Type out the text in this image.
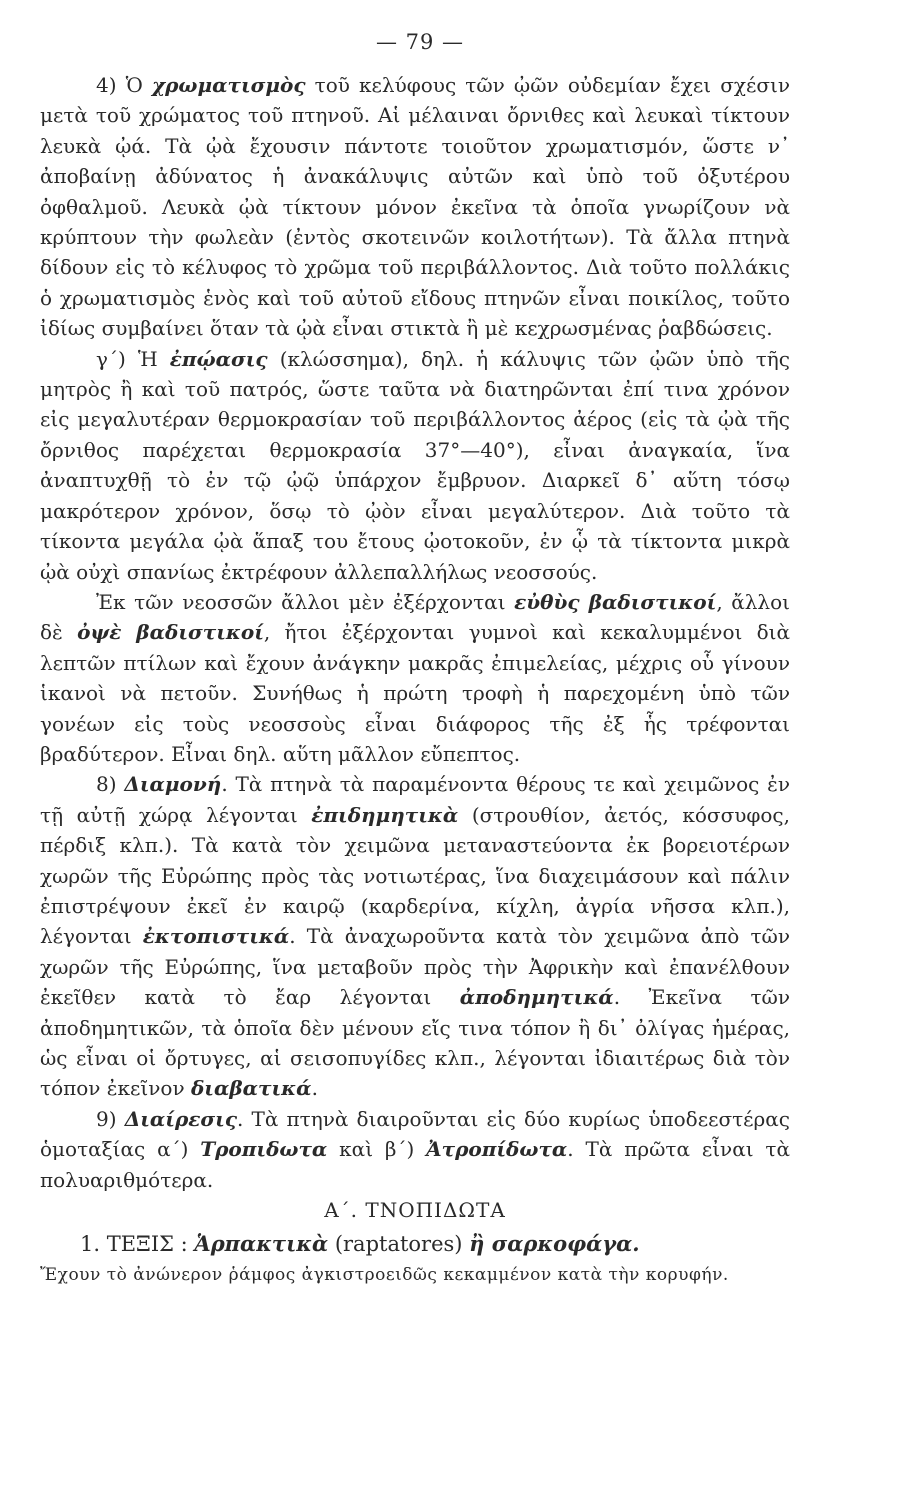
— 79 —

4) Ὁ χρωματισμὸς τοῦ κελύφους τῶν ᾠῶν οὐδεμίαν ἔχει σχέσιν μετὰ τοῦ χρώματος τοῦ πτηνοῦ. Αἱ μέλαιναι ὄρνιθες καὶ λευκαὶ τίκτουν λευκὰ ᾠά. Τὰ ᾠὰ ἔχουσιν πάντοτε τοιοῦτον χρωματισμόν, ὥστε ν᾽ ἀποβαίνῃ ἀδύνατος ἡ ἀνακάλυψις αὐτῶν καὶ ὑπὸ τοῦ ὀξυτέρου ὀφθαλμοῦ. Λευκὰ ᾠὰ τίκτουν μόνον ἐκεῖνα τὰ ὁποῖα γνωρίζουν νὰ κρύπτουν τὴν φωλεὰν (ἐντὸς σκοτεινῶν κοιλοτήτων). Τὰ ἄλλα πτηνὰ δίδουν εἰς τὸ κέλυφος τὸ χρῶμα τοῦ περιβάλλοντος. Διὰ τοῦτο πολλάκις ὁ χρωματισμὸς ἑνὸς καὶ τοῦ αὐτοῦ εἴδους πτηνῶν εἶναι ποικίλος, τοῦτο ἰδίως συμβαίνει ὅταν τὰ ᾠὰ εἶναι στικτὰ ἢ μὲ κεχρωσμένας ῥαβδώσεις.

γ΄) Ἡ ἐπῴασις (κλώσσημα), δηλ. ἡ κάλυψις τῶν ᾠῶν ὑπὸ τῆς μητρὸς ἢ καὶ τοῦ πατρός, ὥστε ταῦτα νὰ διατηρῶνται ἐπί τινα χρόνον εἰς μεγαλυτέραν θερμοκρασίαν τοῦ περιβάλλοντος ἀέρος (εἰς τὰ ᾠὰ τῆς ὄρνιθος παρέχεται θερμοκρασία 37°—40°), εἶναι ἀναγκαία, ἵνα ἀναπτυχθῇ τὸ ἐν τῷ ᾠῷ ὑπάρχον ἔμβρυον. Διαρκεῖ δ᾽ αὕτη τόσῳ μακρότερον χρόνον, ὅσῳ τὸ ᾠὸν εἶναι μεγαλύτερον. Διὰ τοῦτο τὰ τίκοντα μεγάλα ᾠὰ ἅπαξ του ἔτους ᾠοτοκοῦν, ἐν ᾧ τὰ τίκτοντα μικρὰ ᾠὰ οὐχὶ σπανίως ἐκτρέφουν ἀλλεπαλλήλως νεοσσούς.

Ἐκ τῶν νεοσσῶν ἄλλοι μὲν ἐξέρχονται εὐθὺς βαδιστικοί, ἄλλοι δὲ ὀψὲ βαδιστικοί, ἤτοι ἐξέρχονται γυμνοὶ καὶ κεκαλυμμένοι διὰ λεπτῶν πτίλων καὶ ἔχουν ἀνάγκην μακρᾶς ἐπιμελείας, μέχρις οὗ γίνουν ἱκανοὶ νὰ πετοῦν. Συνήθως ἡ πρώτη τροφὴ ἡ παρεχομένη ὑπὸ τῶν γονέων εἰς τοὺς νεοσσοὺς εἶναι διάφορος τῆς ἐξ ἧς τρέφονται βραδύτερον. Εἶναι δηλ. αὕτη μᾶλλον εὔπεπτος.

8) Διαμονή. Τὰ πτηνὰ τὰ παραμένοντα θέρους τε καὶ χειμῶνος ἐν τῇ αὐτῇ χώρᾳ λέγονται ἐπιδημητικὰ (στρουθίον, ἀετός, κόσσυφος, πέρδιξ κλπ.). Τὰ κατὰ τὸν χειμῶνα μεταναστεύοντα ἐκ βορειοτέρων χωρῶν τῆς Εὐρώπης πρὸς τὰς νοτιωτέρας, ἵνα διαχειμάσουν καὶ πάλιν ἐπιστρέψουν ἐκεῖ ἐν καιρῷ (καρδερίνα, κίχλη, ἀγρία νῆσσα κλπ.), λέγονται ἐκτοπιστικά. Τὰ ἀναχωροῦντα κατὰ τὸν χειμῶνα ἀπὸ τῶν χωρῶν τῆς Εὐρώπης, ἵνα μεταβοῦν πρὸς τὴν Ἀφρικὴν καὶ ἐπανέλθουν ἐκεῖθεν κατὰ τὸ ἔαρ λέγονται ἀποδημητικά. Ἐκεῖνα τῶν ἀποδημητικῶν, τὰ ὁποῖα δὲν μένουν εἴς τινα τόπον ἢ δι᾽ ὀλίγας ἡμέρας, ὡς εἶναι οἱ ὄρτυγες, αἱ σεισοπυγίδες κλπ., λέγονται ἰδιαιτέρως διὰ τὸν τόπον ἐκεῖνον διαβατικά.

9) Διαίρεσις. Τὰ πτηνὰ διαιροῦνται εἰς δύο κυρίως ὑποδεεστέρας ὁμοταξίας α΄) Τροπιδωτα καὶ β΄) Ἀτροπίδωτα. Τὰ πρῶτα εἶναι τὰ πολυαριθμότερα.

Α΄. ΤΝΟΠΙΔΩΤΑ

1. ΤΕΞΙΣ : Ἁρπακτικὰ (raptatores) ἢ σαρκοφάγα.

Ἔχουν τὸ ἀνώνερον ῥάμφος ἀγκιστροειδῶς κεκαμμένον κατὰ τὴν κορυφήν.
